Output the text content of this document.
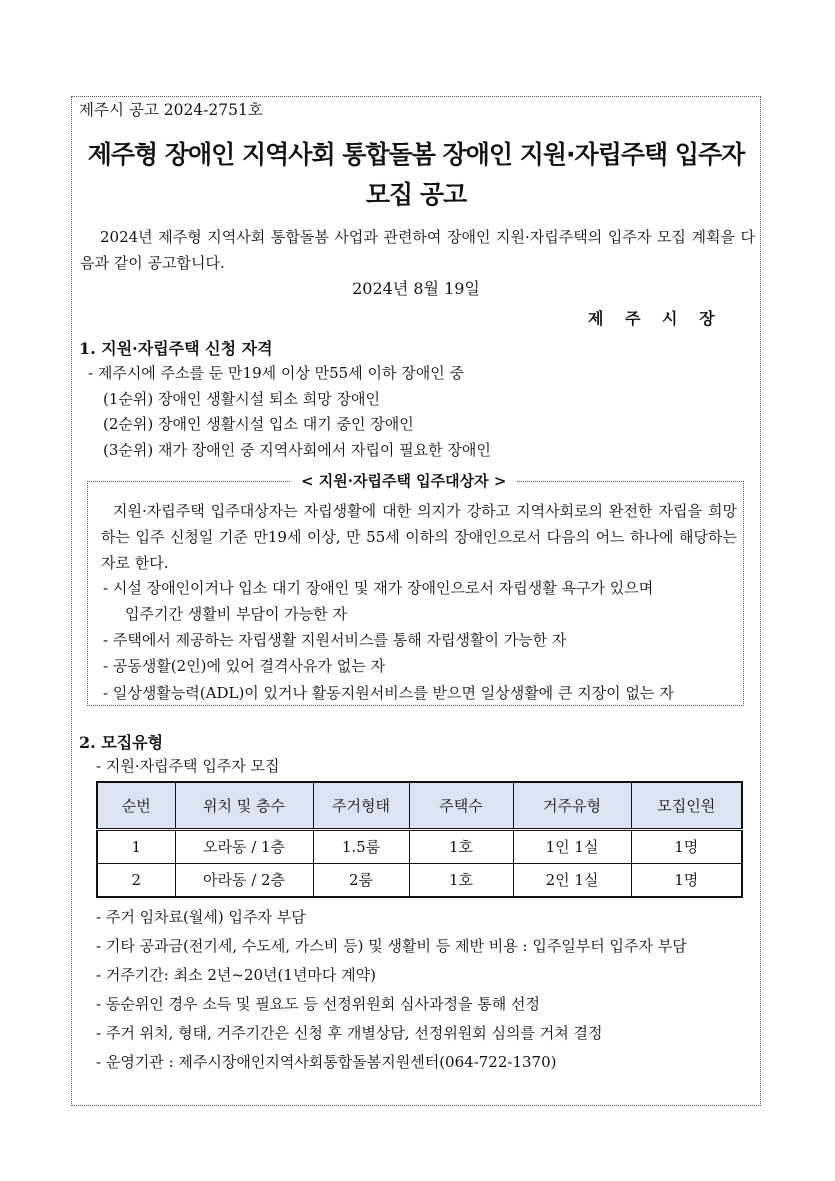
제주시 공고 2024-2751호
제주형 장애인 지역사회 통합돌봄 장애인 지원·자립주택 입주자
모집 공고
2024년 제주형 지역사회 통합돌봄 사업과 관련하여 장애인 지원·자립주택의 입주자 모집 계획을 다음과 같이 공고합니다.
2024년 8월 19일
제 주 시 장
1. 지원·자립주택 신청 자격
- 제주시에 주소를 둔 만19세 이상 만55세 이하 장애인 중
(1순위) 장애인 생활시설 퇴소 희망 장애인
(2순위) 장애인 생활시설 입소 대기 중인 장애인
(3순위) 재가 장애인 중 지역사회에서 자립이 필요한 장애인
< 지원·자립주택 입주대상자 >
지원·자립주택 입주대상자는 자립생활에 대한 의지가 강하고 지역사회로의 완전한 자립을 희망하는 입주 신청일 기준 만19세 이상, 만 55세 이하의 장애인으로서 다음의 어느 하나에 해당하는 자로 한다.
- 시설 장애인이거나 입소 대기 장애인 및 재가 장애인으로서 자립생활 욕구가 있으며
입주기간 생활비 부담이 가능한 자
- 주택에서 제공하는 자립생활 지원서비스를 통해 자립생활이 가능한 자
- 공동생활(2인)에 있어 결격사유가 없는 자
- 일상생활능력(ADL)이 있거나 활동지원서비스를 받으면 일상생활에 큰 지장이 없는 자
2. 모집유형
- 지원·자립주택 입주자 모집
순번	위치 및 층수	주거형태	주택수	거주유형	모집인원
1	오라동 / 1층	1.5룸	1호	1인 1실	1명
2	아라동 / 2층	2룸	1호	2인 1실	1명
- 주거 임차료(월세) 입주자 부담
- 기타 공과금(전기세, 수도세, 가스비 등) 및 생활비 등 제반 비용 : 입주일부터 입주자 부담
- 거주기간: 최소 2년~20년(1년마다 계약)
- 동순위인 경우 소득 및 필요도 등 선정위원회 심사과정을 통해 선정
- 주거 위치, 형태, 거주기간은 신청 후 개별상담, 선정위원회 심의를 거쳐 결정
- 운영기관 : 제주시장애인지역사회통합돌봄지원센터(064-722-1370)
